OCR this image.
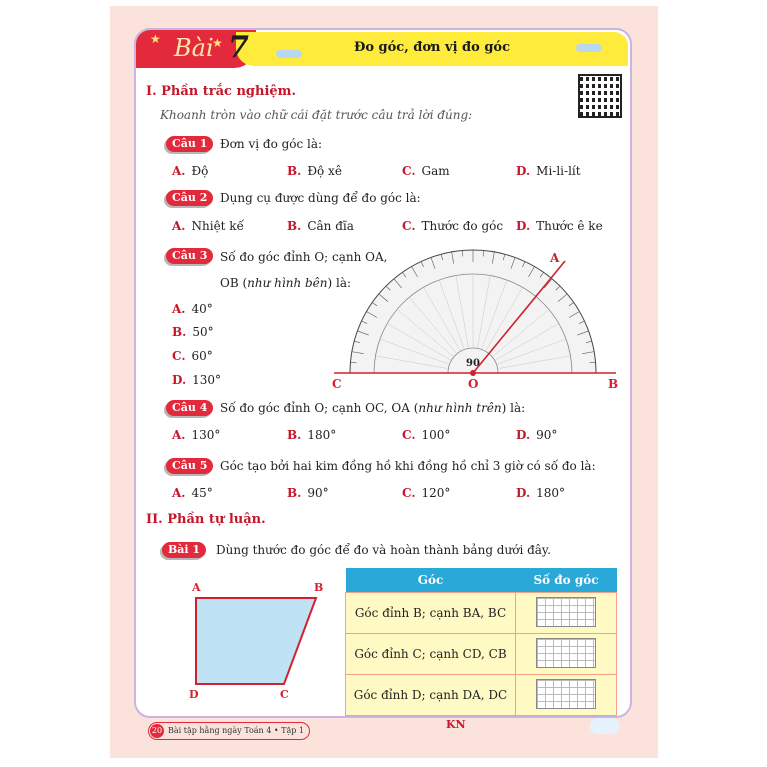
★	★
Bài 7	Đo góc, đơn vị đo góc
I. Phần trắc nghiệm.
Khoanh tròn vào chữ cái đặt trước câu trả lời đúng:
Câu 1	Đơn vị đo góc là:
A. Độ	B. Độ xê	C. Gam	D. Mi-li-lít
Câu 2	Dụng cụ được dùng để đo góc là:
A. Nhiệt kế	B. Cân đĩa	C. Thước đo góc D. Thước ê ke
Câu 3	Số đo góc đỉnh O; cạnh OA,
OB (như hình bên) là:
A. 40°
B. 50°
C. 60°
D. 130°
90
A
B
C	O
Câu 4	Số đo góc đỉnh O; cạnh OC, OA (như hình trên) là:
A. 130°	B. 180°	C. 100°	D. 90°
Câu 5	Góc tạo bởi hai kim đồng hồ khi đồng hồ chỉ 3 giờ có số đo là:
A. 45°	B. 90°	C. 120°	D. 180°
II. Phần tự luận.
Bài 1	Dùng thước đo góc để đo và hoàn thành bảng dưới đây.
A	B
C
D
Góc	Số đo góc
Góc đỉnh B; cạnh BA, BC	
Góc đỉnh C; cạnh CD, CB	
Góc đỉnh D; cạnh DA, DC	
20 Bài tập hằng ngày Toán 4 • Tập 1	KN
